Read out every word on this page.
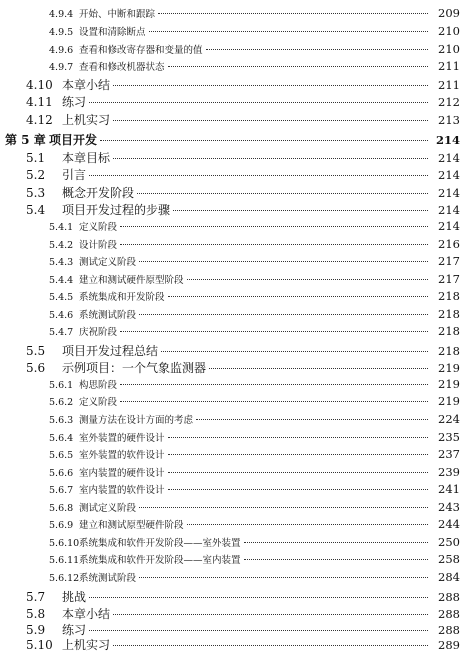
4.9.4 开始、中断和跟踪	209
4.9.5 设置和清除断点	210
4.9.6 查看和修改寄存器和变量的值	210
4.9.7 查看和修改机器状态	211
4.10 本章小结	211
4.11 练习	212
4.12 上机实习	213
第 5 章 项目开发	214
5.1	本章目标	214
5.2	引言	214
5.3	概念开发阶段	214
5.4	项目开发过程的步骤	214
5.4.1 定义阶段	214
5.4.2 设计阶段	216
5.4.3 测试定义阶段	217
5.4.4 建立和测试硬件原型阶段	217
5.4.5 系统集成和开发阶段	218
5.4.6 系统测试阶段	218
5.4.7 庆祝阶段	218
5.5	项目开发过程总结	218
5.6	示例项目：一个气象监测器	219
5.6.1 构思阶段	219
5.6.2 定义阶段	219
5.6.3 测量方法在设计方面的考虑	224
5.6.4 室外装置的硬件设计	235
5.6.5 室外装置的软件设计	237
5.6.6 室内装置的硬件设计	239
5.6.7 室内装置的软件设计	241
5.6.8 测试定义阶段	243
5.6.9 建立和测试原型硬件阶段	244
5.6.10 系统集成和软件开发阶段——室外装置	250
5.6.11 系统集成和软件开发阶段——室内装置	258
5.6.12 系统测试阶段	284
5.7	挑战	288
5.8	本章小结	288
5.9	练习	288
5.10 上机实习	289
